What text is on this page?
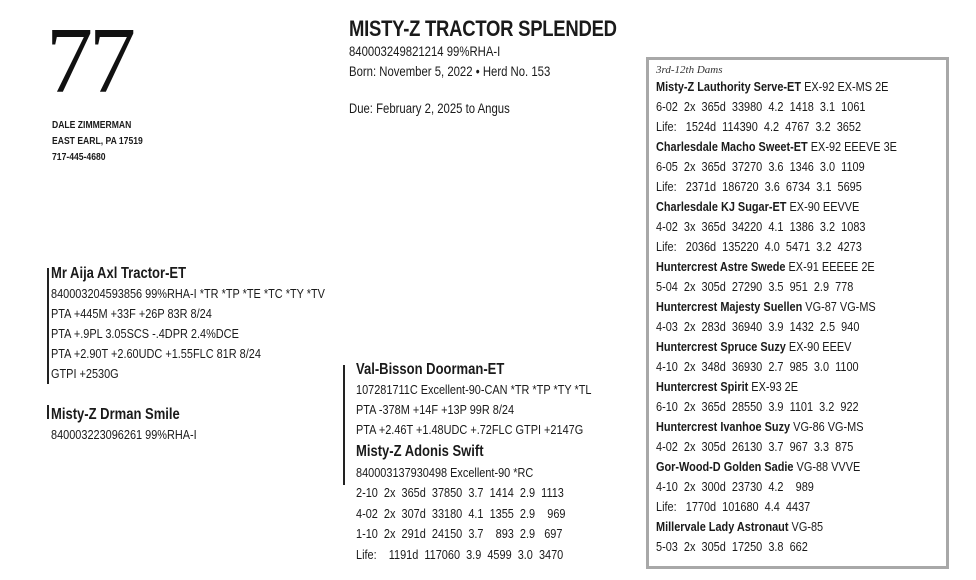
77
DALE ZIMMERMAN
EAST EARL, PA 17519
717-445-4680
MISTY-Z TRACTOR SPLENDED
840003249821214 99%RHA-I
Born: November 5, 2022 • Herd No. 153
Due: February 2, 2025 to Angus
Mr Aija Axl Tractor-ET
840003204593856 99%RHA-I *TR *TP *TE *TC *TY *TV
PTA +445M +33F +26P 83R 8/24
PTA +.9PL 3.05SCS -.4DPR 2.4%DCE
PTA +2.90T +2.60UDC +1.55FLC 81R 8/24
GTPI +2530G
Misty-Z Drman Smile
840003223096261 99%RHA-I
Val-Bisson Doorman-ET
107281711C Excellent-90-CAN *TR *TP *TY *TL
PTA -378M +14F +13P 99R 8/24
PTA +2.46T +1.48UDC +.72FLC GTPI +2147G
Misty-Z Adonis Swift
840003137930498 Excellent-90 *RC
2-10  2x  365d  37850  3.7  1414  2.9  1113
4-02  2x  307d  33180  4.1  1355  2.9    969
1-10  2x  291d  24150  3.7    893  2.9   697
Life:    1191d  117060  3.9  4599  3.0  3470
3rd-12th Dams
Misty-Z Lauthority Serve-ET EX-92 EX-MS 2E
6-02  2x  365d  33980  4.2  1418  3.1  1061
Life:   1524d  114390  4.2  4767  3.2  3652
Charlesdale Macho Sweet-ET EX-92 EEEVE 3E
6-05  2x  365d  37270  3.6  1346  3.0  1109
Life:   2371d  186720  3.6  6734  3.1  5695
Charlesdale KJ Sugar-ET EX-90 EEVVE
4-02  3x  365d  34220  4.1  1386  3.2  1083
Life:   2036d  135220  4.0  5471  3.2  4273
Huntercrest Astre Swede EX-91 EEEEE 2E
5-04  2x  305d  27290  3.5  951  2.9  778
Huntercrest Majesty Suellen VG-87 VG-MS
4-03  2x  283d  36940  3.9  1432  2.5  940
Huntercrest Spruce Suzy EX-90 EEEV
4-10  2x  348d  36930  2.7  985  3.0  1100
Huntercrest Spirit EX-93 2E
6-10  2x  365d  28550  3.9  1101  3.2  922
Huntercrest Ivanhoe Suzy VG-86 VG-MS
4-02  2x  305d  26130  3.7  967  3.3  875
Gor-Wood-D Golden Sadie VG-88 VVVE
4-10  2x  300d  23730  4.2    989
Life:   1770d  101680  4.4  4437
Millervale Lady Astronaut VG-85
5-03  2x  305d  17250  3.8  662
